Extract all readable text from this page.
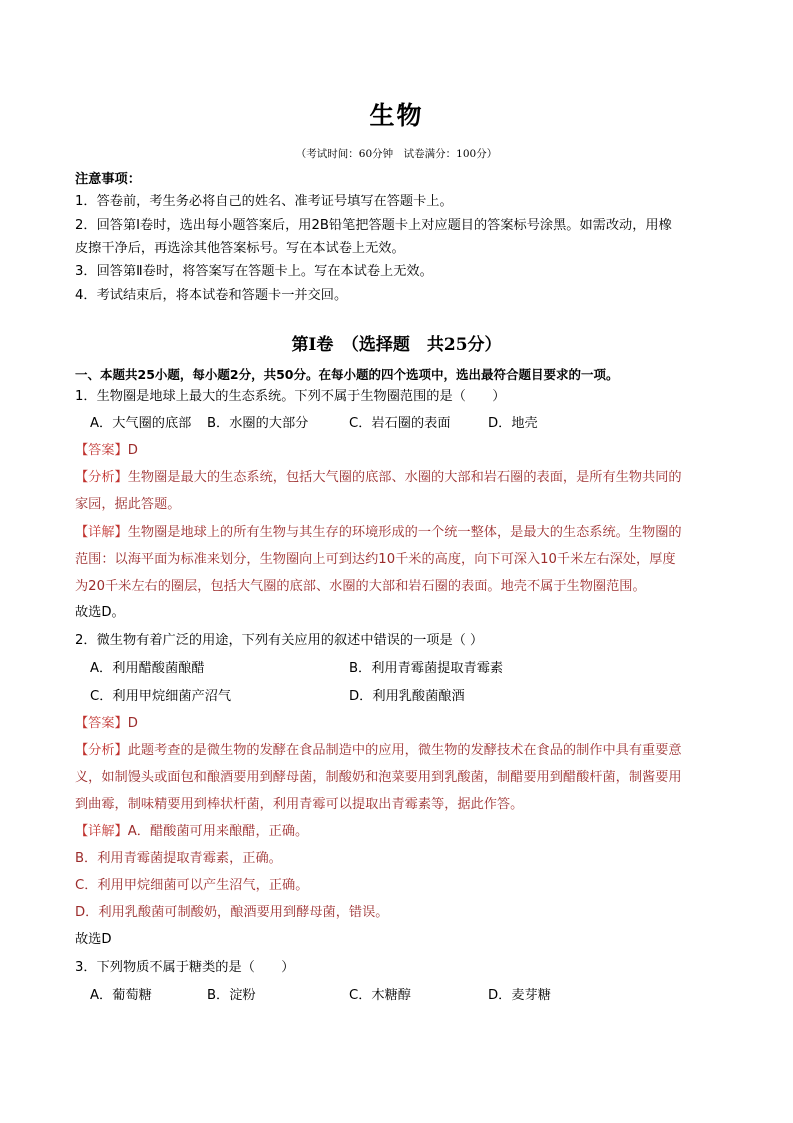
生物
（考试时间：60分钟　试卷满分：100分）
注意事项：
1．答卷前，考生务必将自己的姓名、准考证号填写在答题卡上。
2．回答第Ⅰ卷时，选出每小题答案后，用2B铅笔把答题卡上对应题目的答案标号涂黑。如需改动，用橡
皮擦干净后，再选涂其他答案标号。写在本试卷上无效。
3．回答第Ⅱ卷时，将答案写在答题卡上。写在本试卷上无效。
4．考试结束后，将本试卷和答题卡一并交回。
第Ⅰ卷　（选择题　共25分）
一、本题共25小题，每小题2分，共50分。在每小题的四个选项中，选出最符合题目要求的一项。
1．生物圈是地球上最大的生态系统。下列不属于生物圈范围的是（　　）
A．大气圈的底部 B．水圈的大部分	C．岩石圈的表面	D．地壳
【答案】D
【分析】生物圈是最大的生态系统，包括大气圈的底部、水圈的大部和岩石圈的表面，是所有生物共同的
家园，据此答题。
【详解】生物圈是地球上的所有生物与其生存的环境形成的一个统一整体，是最大的生态系统。生物圈的
范围：以海平面为标准来划分，生物圈向上可到达约10千米的高度，向下可深入10千米左右深处，厚度
为20千米左右的圈层，包括大气圈的底部、水圈的大部和岩石圈的表面。地壳不属于生物圈范围。
故选D。
2．微生物有着广泛的用途，下列有关应用的叙述中错误的一项是（ ）
A．利用醋酸菌酿醋	B．利用青霉菌提取青霉素
C．利用甲烷细菌产沼气	D．利用乳酸菌酿酒
【答案】D
【分析】此题考查的是微生物的发酵在食品制造中的应用，微生物的发酵技术在食品的制作中具有重要意
义，如制馒头或面包和酿酒要用到酵母菌，制酸奶和泡菜要用到乳酸菌，制醋要用到醋酸杆菌，制酱要用
到曲霉，制味精要用到棒状杆菌，利用青霉可以提取出青霉素等，据此作答。
【详解】A．醋酸菌可用来酿醋，正确。
B．利用青霉菌提取青霉素，正确。
C．利用甲烷细菌可以产生沼气，正确。
D．利用乳酸菌可制酸奶，酿酒要用到酵母菌，错误。
故选D
3．下列物质不属于糖类的是（　　）
A．葡萄糖	B．淀粉	C．木糖醇	D．麦芽糖
